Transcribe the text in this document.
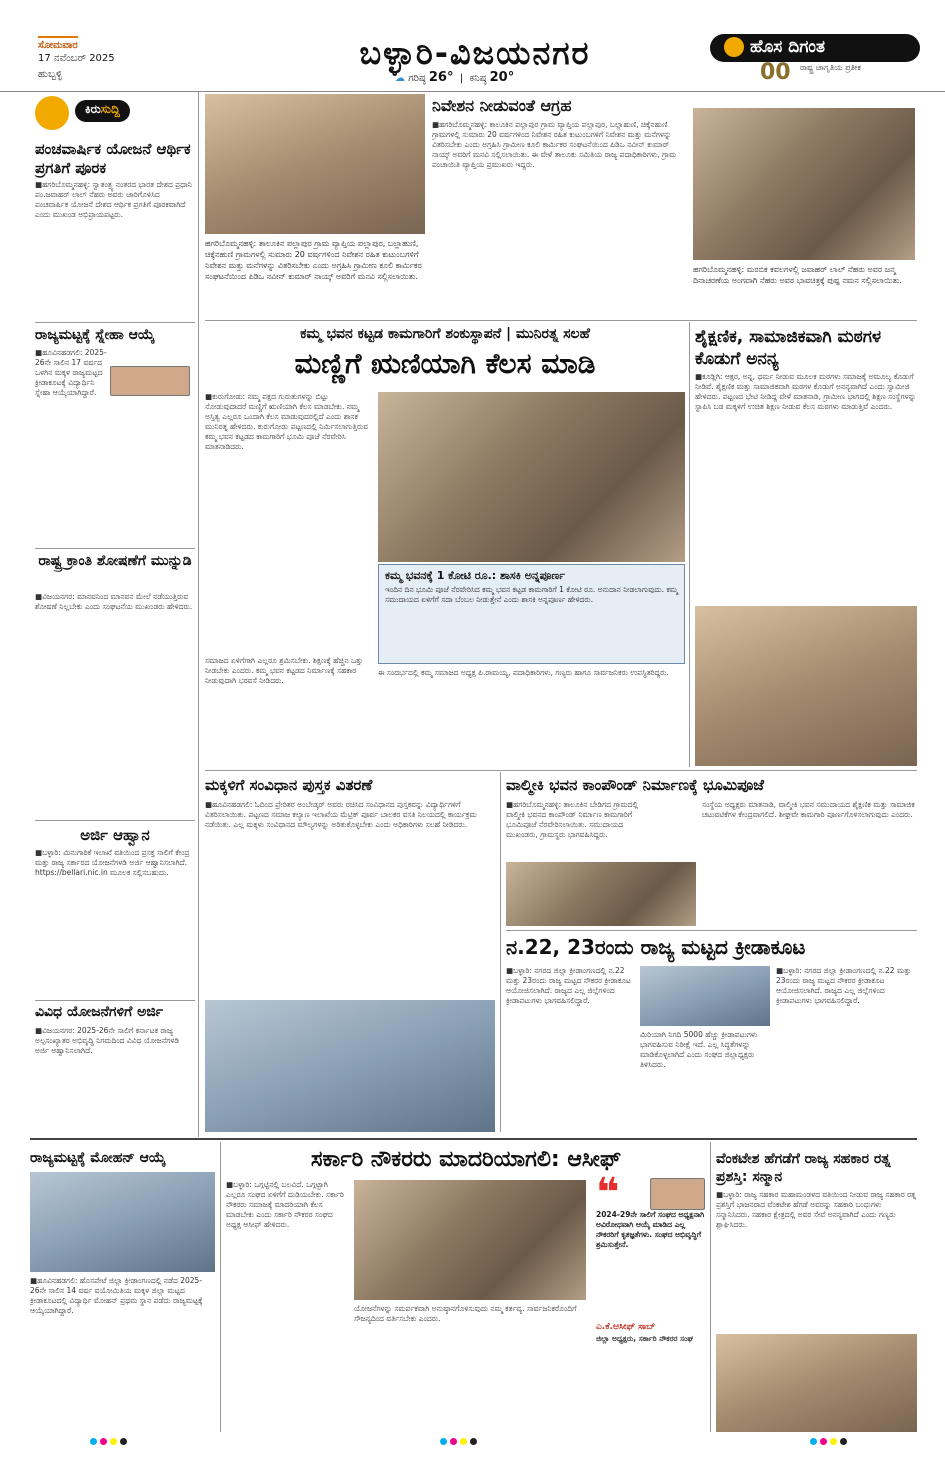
ಸೋಮವಾರ
17 ನವೆಂಬರ್ 2025
ಹುಬ್ಬಳ್ಳಿ
ಬಳ್ಳಾರಿ-ವಿಜಯನಗರ
☁ ಗರಿಷ್ಠ 26°  |  ಕನಿಷ್ಠ 20°
ಹೊಸ ದಿಗಂತ
ರಾಷ್ಟ್ರ ಜಾಗೃತಿಯ ಪ್ರತೀಕ
00
ಕಿರುಸುದ್ದಿ
ಪಂಚವಾರ್ಷಿಕ ಯೋಜನೆ ಆರ್ಥಿಕ ಪ್ರಗತಿಗೆ ಪೂರಕ
■ಹಗರಿಬೊಮ್ಮನಹಳ್ಳಿ: ಸ್ವಾತಂತ್ರ್ಯ ನಂತರದ ಭಾರತ ದೇಶದ ಪ್ರಧಾನಿ ಪಂ.ಜವಾಹರ್ ಲಾಲ್ ನೆಹರು ಅವರು ಜಾರಿಗೊಳಿಸಿದ ಪಂಚವಾರ್ಷಿಕ ಯೋಜನೆ ದೇಶದ ಆರ್ಥಿಕ ಪ್ರಗತಿಗೆ ಪೂರಕವಾಗಿದೆ ಎಂದು ಮುಖಂಡ ಅಭಿಪ್ರಾಯಪಟ್ಟರು.
ರಾಜ್ಯಮಟ್ಟಕ್ಕೆ ಸ್ನೇಹಾ ಆಯ್ಕೆ
■ಹೂವಿನಹಡಗಲಿ: 2025-26ನೇ ಸಾಲಿನ 17 ವರ್ಷದ ಒಳಗಿನ ಮಕ್ಕಳ ರಾಜ್ಯಮಟ್ಟದ ಕ್ರೀಡಾಕೂಟಕ್ಕೆ ವಿದ್ಯಾರ್ಥಿನಿ ಸ್ನೇಹಾ ಆಯ್ಕೆಯಾಗಿದ್ದಾರೆ.
ರಾಷ್ಟ್ರ ಕ್ರಾಂತಿ ಶೋಷಣೆಗೆ ಮುನ್ನುಡಿ
■ವಿಜಯನಗರ: ಮಾನವನಿಂದ ಮಾನವನ ಮೇಲೆ ನಡೆಯುತ್ತಿರುವ ಶೋಷಣೆ ನಿಲ್ಲಬೇಕು ಎಂದು ಸಂಘಟನೆಯ ಮುಖಂಡರು ಹೇಳಿದರು.
ಅರ್ಜಿ ಆಹ್ವಾನ
■ಬಳ್ಳಾರಿ: ಮಿನುಗಾರಿಕೆ ಇಲಾಖೆ ವತಿಯಿಂದ ಪ್ರಸಕ್ತ ಸಾಲಿಗೆ ಕೇಂದ್ರ ಮತ್ತು ರಾಜ್ಯ ಸರ್ಕಾರದ ಯೋಜನೆಗಳಡಿ ಅರ್ಜಿ ಆಹ್ವಾನಿಸಲಾಗಿದೆ. https://bellari.nic.in ಮೂಲಕ ಸಲ್ಲಿಸಬಹುದು.
ವಿವಿಧ ಯೋಜನೆಗಳಿಗೆ ಅರ್ಜಿ
■ವಿಜಯನಗರ: 2025-26ನೇ ಸಾಲಿಗೆ ಕರ್ನಾಟಕ ರಾಜ್ಯ ಅಲ್ಪಸಂಖ್ಯಾತರ ಅಭಿವೃದ್ಧಿ ನಿಗಮದಿಂದ ವಿವಿಧ ಯೋಜನೆಗಳಡಿ ಅರ್ಜಿ ಆಹ್ವಾನಿಸಲಾಗಿದೆ.
ಹಗರಿಬೊಮ್ಮನಹಳ್ಳಿ: ತಾಲೂಕಿನ ಪಲ್ಲಾಪುರ ಗ್ರಾಮ ವ್ಯಾಪ್ತಿಯ ಪಲ್ಲಾಪುರ, ಬಲ್ಲಾಹುಣಿ, ಚಿಕ್ಕೆನಹುಣಿ ಗ್ರಾಮಗಳಲ್ಲಿ ಸುಮಾರು 20 ವರ್ಷಗಳಿಂದ ನಿವೇಶನ ರಹಿತ ಕುಟುಂಬಗಳಿಗೆ ನಿವೇಶನ ಮತ್ತು ಮನೆಗಳನ್ನು ವಿತರಿಸಬೇಕು ಎಂದು ಅಗ್ರಹಿಸಿ ಗ್ರಾಮೀಣ ಕೂಲಿ ಕಾರ್ಮಿಕರ ಸಂಘಟನೆಯಿಂದ ಪಿಡಿಒ ನವೀನ್ ಕುಮಾರ್ ನಾಯ್ಕ್ ಅವರಿಗೆ ಮನವಿ ಸಲ್ಲಿಸಲಾಯಿತು.
ನಿವೇಶನ ನೀಡುವಂತೆ ಆಗ್ರಹ
■ಹಗರಿಬೊಮ್ಮನಹಳ್ಳಿ: ಕಾಲೂಕಿನ ಪಲ್ಲಾಪುರ ಗ್ರಾಮ ವ್ಯಾಪ್ತಿಯ ಪಲ್ಲಾಪುರ, ಬಲ್ಲಾಹುಣಿ, ಚಿಕ್ಕೆನಹುಣಿ ಗ್ರಾಮಗಳಲ್ಲಿ ಸುಮಾರು 20 ವರ್ಷಗಳಿಂದ ನಿವೇಶನ ರಹಿತ ಕುಟುಂಬಗಳಿಗೆ ನಿವೇಶನ ಮತ್ತು ಮನೆಗಳನ್ನು ವಿತರಿಸಬೇಕು ಎಂದು ಅಗ್ರಹಿಸಿ ಗ್ರಾಮೀಣ ಕೂಲಿ ಕಾರ್ಮಿಕರ ಸಂಘಟನೆಯಿಂದ ಪಿಡಿಒ ನವೀನ್ ಕುಮಾರ್ ನಾಯ್ಕ್ ಅವರಿಗೆ ಮನವಿ ಸಲ್ಲಿಸಲಾಯಿತು. ಈ ವೇಳೆ ತಾಲೂಕು ಸಮಿತಿಯ ರಾಜ್ಯ ಪದಾಧಿಕಾರಿಗಳು, ಗ್ರಾಮ ಪಂಚಾಯಿತಿ ವ್ಯಾಪ್ತಿಯ ಪ್ರಮುಖರು ಇದ್ದರು.
ಹಗರಿಬೊಮ್ಮನಹಳ್ಳಿ: ಮರಬಿಕ ಕವಲಗಳಲ್ಲಿ ಜವಾಹರ್ ಲಾಲ್ ನೆಹರು ಅವರ ಜನ್ಮ ದಿನಾಚರಣೆಯ ಅಂಗವಾಗಿ ನೆಹರು ಅವರ ಭಾವಚಿತ್ರಕ್ಕೆ ಪುಷ್ಪ ನಮನ ಸಲ್ಲಿಸಲಾಯಿತು.
ಕಮ್ಮ ಭವನ ಕಟ್ಟಡ ಕಾಮಗಾರಿಗೆ ಶಂಕುಸ್ಥಾಪನೆ | ಮುನಿರತ್ನ ಸಲಹೆ
ಮಣ್ಣಿಗೆ ಋಣಿಯಾಗಿ ಕೆಲಸ ಮಾಡಿ
■ಕುರುಗೋಡು: ನಮ್ಮ ಪಕ್ಷದ ಗುರುತುಗಳನ್ನು ಬಿಟ್ಟು ನೋಡುವುದಾದರೆ ಮಣ್ಣಿಗೆ ಋಣಿಯಾಗಿ ಕೆಲಸ ಮಾಡಬೇಕು. ನಮ್ಮ ಅಸ್ತಿತ್ವ ಎಲ್ಲರೂ ಒಂದಾಗಿ ಕೆಲಸ ಮಾಡುವುದರಲ್ಲಿದೆ ಎಂದು ಶಾಸಕ ಮುನಿರತ್ನ ಹೇಳಿದರು. ಕುರುಗೋಡು ಪಟ್ಟಣದಲ್ಲಿ ನಿರ್ಮಿಸಲಾಗುತ್ತಿರುವ ಕಮ್ಮ ಭವನ ಕಟ್ಟಡದ ಕಾಮಗಾರಿಗೆ ಭೂಮಿ ಪೂಜೆ ನೆರವೇರಿಸಿ ಮಾತನಾಡಿದರು.
ಸಮಾಜದ ಏಳಿಗೆಗಾಗಿ ಎಲ್ಲರೂ ಶ್ರಮಿಸಬೇಕು. ಶಿಕ್ಷಣಕ್ಕೆ ಹೆಚ್ಚಿನ ಒತ್ತು ನೀಡಬೇಕು ಎಂದರು. ಕಮ್ಮ ಭವನ ಕಟ್ಟಡದ ನಿರ್ಮಾಣಕ್ಕೆ ಸಹಕಾರ ನೀಡುವುದಾಗಿ ಭರವಸೆ ನೀಡಿದರು.
ಕಮ್ಮ ಭವನಕ್ಕೆ 1 ಕೋಟಿ ರೂ.: ಶಾಸಕಿ ಅನ್ನಪೂರ್ಣ
ಇಂದಿನ ದಿನ ಭೂಮಿ ಪೂಜೆ ನೆರವೇರಿಸಿದ ಕಮ್ಮ ಭವನ ಕಟ್ಟಡ ಕಾಮಗಾರಿಗೆ 1 ಕೋಟಿ ರೂ. ಅನುದಾನ ನೀಡಲಾಗುವುದು. ಕಮ್ಮ ಸಮುದಾಯದ ಏಳಿಗೆಗೆ ಸದಾ ಬೆಂಬಲ ನೀಡುತ್ತೇನೆ ಎಂದು ಶಾಸಕಿ ಅನ್ನಪೂರ್ಣ ಹೇಳಿದರು.
ಈ ಸಂದರ್ಭದಲ್ಲಿ ಕಮ್ಮ ಸಮಾಜದ ಅಧ್ಯಕ್ಷ ಪಿ.ರಾಮಯ್ಯ, ಪದಾಧಿಕಾರಿಗಳು, ಗಣ್ಯರು ಹಾಗೂ ಸಾರ್ವಜನಿಕರು ಉಪಸ್ಥಿತರಿದ್ದರು.
ಶೈಕ್ಷಣಿಕ, ಸಾಮಾಜಿಕವಾಗಿ ಮಠಗಳ ಕೊಡುಗೆ ಅನನ್ಯ
■ಕೂಡ್ಲಿಗಿ: ಆಕ್ಷರ, ಅನ್ನ, ಧರ್ಮ ನೀಡುವ ಮೂಲಕ ಮಠಗಳು ಸಮಾಜಕ್ಕೆ ಅಮೂಲ್ಯ ಕೊಡುಗೆ ನೀಡಿವೆ. ಶೈಕ್ಷಣಿಕ ಮತ್ತು ಸಾಮಾಜಿಕವಾಗಿ ಮಠಗಳ ಕೊಡುಗೆ ಅನನ್ಯವಾಗಿದೆ ಎಂದು ಸ್ವಾಮೀಜಿ ಹೇಳಿದರು. ಪಟ್ಟಣದ ಭೇಟಿ ನೀಡಿದ್ದ ವೇಳೆ ಮಾತನಾಡಿ, ಗ್ರಾಮೀಣ ಭಾಗದಲ್ಲಿ ಶಿಕ್ಷಣ ಸಂಸ್ಥೆಗಳನ್ನು ಸ್ಥಾಪಿಸಿ ಬಡ ಮಕ್ಕಳಿಗೆ ಉಚಿತ ಶಿಕ್ಷಣ ನೀಡುವ ಕೆಲಸ ಮಠಗಳು ಮಾಡುತ್ತಿವೆ ಎಂದರು.
ಮಕ್ಕಳಿಗೆ ಸಂವಿಧಾನ ಪುಸ್ತಕ ವಿತರಣೆ
■ಹೂವಿನಹಡಗಲಿ: ಓದಿಂದ ಪ್ರೇರಿತರ ಅಂಬೇಡ್ಕರ್ ಅವರು ರಚಿಸಿದ ಸಂವಿಧಾನದ ಪುಸ್ತಕವನ್ನು ವಿದ್ಯಾರ್ಥಿಗಳಿಗೆ ವಿತರಿಸಲಾಯಿತು. ಪಟ್ಟಣದ ಸಮಾಜ ಕಲ್ಯಾಣ ಇಲಾಖೆಯ ಮೆಟ್ರಿಕ್ ಪೂರ್ವ ಬಾಲಕರ ವಸತಿ ನಿಲಯದಲ್ಲಿ ಕಾರ್ಯಕ್ರಮ ನಡೆಯಿತು. ಎಲ್ಲ ಮಕ್ಕಳು ಸಂವಿಧಾನದ ಮೌಲ್ಯಗಳನ್ನು ಅರಿತುಕೊಳ್ಳಬೇಕು ಎಂದು ಅಧಿಕಾರಿಗಳು ಸಲಹೆ ನೀಡಿದರು.
ವಾಲ್ಮೀಕಿ ಭವನ ಕಾಂಪೌಂಡ್ ನಿರ್ಮಾಣಕ್ಕೆ ಭೂಮಿಪೂಜೆ
■ಹಗರಿಬೊಮ್ಮನಹಳ್ಳಿ: ತಾಲೂಕಿನ ಬೇಡಿಗದ ಗ್ರಾಮದಲ್ಲಿ ವಾಲ್ಮೀಕಿ ಭವನದ ಕಾಂಪೌಂಡ್ ನಿರ್ಮಾಣ ಕಾಮಗಾರಿಗೆ ಭೂಮಿಪೂಜೆ ನೆರವೇರಿಸಲಾಯಿತು. ಸಮುದಾಯದ ಮುಖಂಡರು, ಗ್ರಾಮಸ್ಥರು ಭಾಗವಹಿಸಿದ್ದರು.
ಸಂಸ್ಥೆಯ ಅಧ್ಯಕ್ಷರು ಮಾತನಾಡಿ, ವಾಲ್ಮೀಕಿ ಭವನ ಸಮುದಾಯದ ಶೈಕ್ಷಣಿಕ ಮತ್ತು ಸಾಮಾಜಿಕ ಚಟುವಟಿಕೆಗಳ ಕೇಂದ್ರವಾಗಲಿದೆ. ಶೀಘ್ರವೇ ಕಾಮಗಾರಿ ಪೂರ್ಣಗೊಳಿಸಲಾಗುವುದು ಎಂದರು.
ನ.22, 23ರಂದು ರಾಜ್ಯ ಮಟ್ಟದ ಕ್ರೀಡಾಕೂಟ
■ಬಳ್ಳಾರಿ: ನಗರದ ಜಿಲ್ಲಾ ಕ್ರೀಡಾಂಗಣದಲ್ಲಿ ನ.22 ಮತ್ತು 23ರಂದು ರಾಜ್ಯ ಮಟ್ಟದ ನೌಕರರ ಕ್ರೀಡಾಕೂಟ ಆಯೋಜಿಸಲಾಗಿದೆ. ರಾಜ್ಯದ ಎಲ್ಲ ಜಿಲ್ಲೆಗಳಿಂದ ಕ್ರೀಡಾಪಟುಗಳು ಭಾಗವಹಿಸಲಿದ್ದಾರೆ.
ಮಿರಿಯಾಗಿ ನಿಗದಿ 5000 ಹೆಚ್ಚು ಕ್ರೀಡಾಪಟುಗಳು ಭಾಗವಹಿಸುವ ನಿರೀಕ್ಷೆ ಇದೆ. ಎಲ್ಲ ಸಿದ್ಧತೆಗಳನ್ನು ಮಾಡಿಕೊಳ್ಳಲಾಗಿದೆ ಎಂದು ಸಂಘದ ಜಿಲ್ಲಾಧ್ಯಕ್ಷರು ತಿಳಿಸಿದರು.
■ಬಳ್ಳಾರಿ: ನಗರದ ಜಿಲ್ಲಾ ಕ್ರೀಡಾಂಗಣದಲ್ಲಿ ನ.22 ಮತ್ತು 23ರಂದು ರಾಜ್ಯ ಮಟ್ಟದ ನೌಕರರ ಕ್ರೀಡಾಕೂಟ ಆಯೋಜಿಸಲಾಗಿದೆ. ರಾಜ್ಯದ ಎಲ್ಲ ಜಿಲ್ಲೆಗಳಿಂದ ಕ್ರೀಡಾಪಟುಗಳು ಭಾಗವಹಿಸಲಿದ್ದಾರೆ.
ರಾಜ್ಯಮಟ್ಟಕ್ಕೆ ಮೋಹನ್ ಆಯ್ಕೆ
■ಹೂವಿನಹಡಗಲಿ: ಹೊಸಪೇಟೆ ಜಿಲ್ಲಾ ಕ್ರೀಡಾಂಗಣದಲ್ಲಿ ನಡೆದ 2025-26ನೇ ಸಾಲಿನ 14 ವರ್ಷ ವಯೋಮಿತಿಯ ಮಕ್ಕಳ ಜಿಲ್ಲಾ ಮಟ್ಟದ ಕ್ರೀಡಾಕೂಟದಲ್ಲಿ ವಿದ್ಯಾರ್ಥಿ ಮೋಹನ್ ಪ್ರಥಮ ಸ್ಥಾನ ಪಡೆದು ರಾಜ್ಯಮಟ್ಟಕ್ಕೆ ಆಯ್ಕೆಯಾಗಿದ್ದಾರೆ.
ಸರ್ಕಾರಿ ನೌಕರರು ಮಾದರಿಯಾಗಲಿ: ಆಸೀಫ್
■ಬಳ್ಳಾರಿ: ಒಗ್ಗಟ್ಟಿನಲ್ಲಿ ಬಲವಿದೆ. ಒಗ್ಗಟ್ಟಾಗಿ ಎಲ್ಲರೂ ಸಂಘದ ಏಳಿಗೆಗೆ ದುಡಿಯಬೇಕು. ಸರ್ಕಾರಿ ನೌಕರರು ಸಮಾಜಕ್ಕೆ ಮಾದರಿಯಾಗಿ ಕೆಲಸ ಮಾಡಬೇಕು ಎಂದು ಸರ್ಕಾರಿ ನೌಕರರ ಸಂಘದ ಅಧ್ಯಕ್ಷ ಆಸೀಫ್ ಹೇಳಿದರು.
ಯೋಜನೆಗಳನ್ನು ಸಮರ್ಪಕವಾಗಿ ಅನುಷ್ಠಾನಗೊಳಿಸುವುದು ನಮ್ಮ ಕರ್ತವ್ಯ. ಸಾರ್ವಜನಿಕರೊಂದಿಗೆ ಸೌಜನ್ಯದಿಂದ ವರ್ತಿಸಬೇಕು ಎಂದರು.
❝
2024-29ನೇ ಸಾಲಿಗೆ ಸಂಘದ ಅಧ್ಯಕ್ಷನಾಗಿ ಅವಿರೋಧವಾಗಿ ಆಯ್ಕೆ ಮಾಡಿದ ಎಲ್ಲ ನೌಕರರಿಗೆ ಕೃತಜ್ಞತೆಗಳು. ಸಂಘದ ಅಭಿವೃದ್ಧಿಗೆ ಶ್ರಮಿಸುತ್ತೇನೆ.
ಎ.ಕೆ.ಆಸೀಫ್ ಸಾಬ್
ಜಿಲ್ಲಾ ಅಧ್ಯಕ್ಷರು, ಸರ್ಕಾರಿ ನೌಕರರ ಸಂಘ
ವೆಂಕಟೇಶ ಹೆಗಡೆಗೆ ರಾಜ್ಯ ಸಹಕಾರ ರತ್ನ ಪ್ರಶಸ್ತಿ: ಸನ್ಮಾನ
■ಬಳ್ಳಾರಿ: ರಾಜ್ಯ ಸಹಕಾರ ಮಹಾಮಂಡಳದ ವತಿಯಿಂದ ನೀಡುವ ರಾಜ್ಯ ಸಹಕಾರ ರತ್ನ ಪ್ರಶಸ್ತಿಗೆ ಭಾಜನರಾದ ವೆಂಕಟೇಶ ಹೆಗಡೆ ಅವರನ್ನು ಸಹಕಾರಿ ಬಂಧುಗಳು ಸನ್ಮಾನಿಸಿದರು. ಸಹಕಾರ ಕ್ಷೇತ್ರದಲ್ಲಿ ಅವರ ಸೇವೆ ಅನನ್ಯವಾಗಿದೆ ಎಂದು ಗಣ್ಯರು ಶ್ಲಾಘಿಸಿದರು.
